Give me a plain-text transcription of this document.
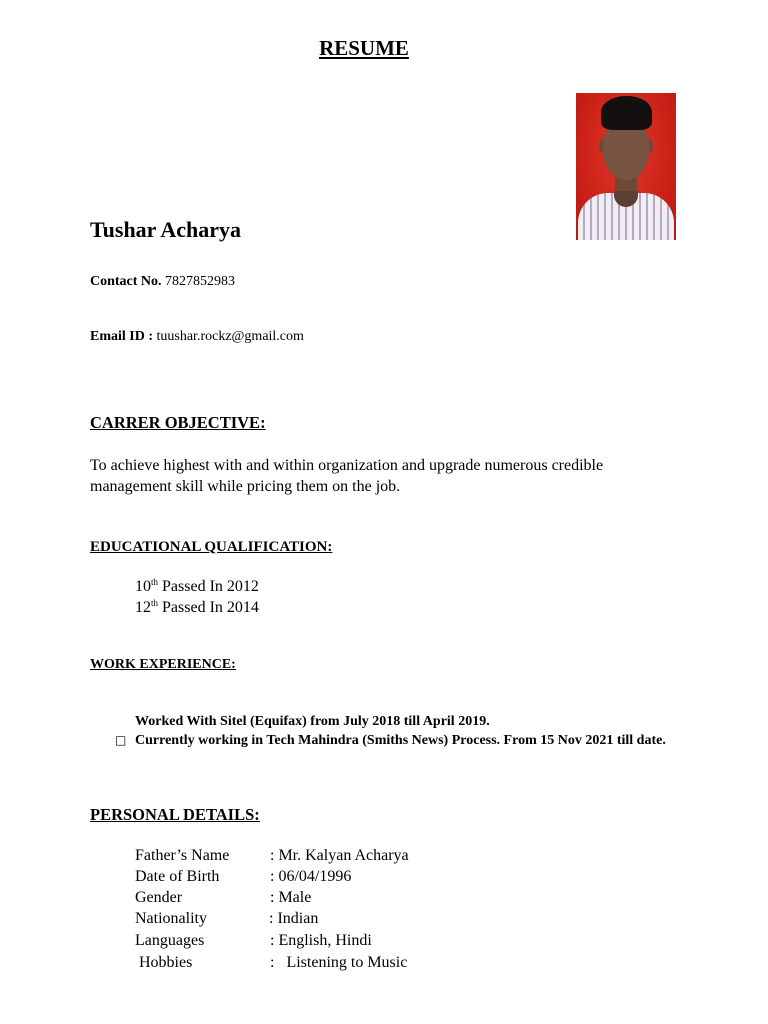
RESUME
Tushar Acharya
Contact No. 7827852983
Email ID : tuushar.rockz@gmail.com
CARRER OBJECTIVE:
To achieve highest with and within organization and upgrade numerous credible
management skill while pricing them on the job.
EDUCATIONAL QUALIFICATION:
10th Passed In 2012
12th Passed In 2014
WORK EXPERIENCE:
Worked With Sitel (Equifax) from July 2018 till April 2019.
□ Currently working in Tech Mahindra (Smiths News) Process. From 15 Nov 2021 till date.
PERSONAL DETAILS:
Father’s Name	: Mr. Kalyan Acharya
Date of Birth	: 06/04/1996
Gender	: Male
Nationality	: Indian
Languages	: English, Hindi
Hobbies	:   Listening to Music
